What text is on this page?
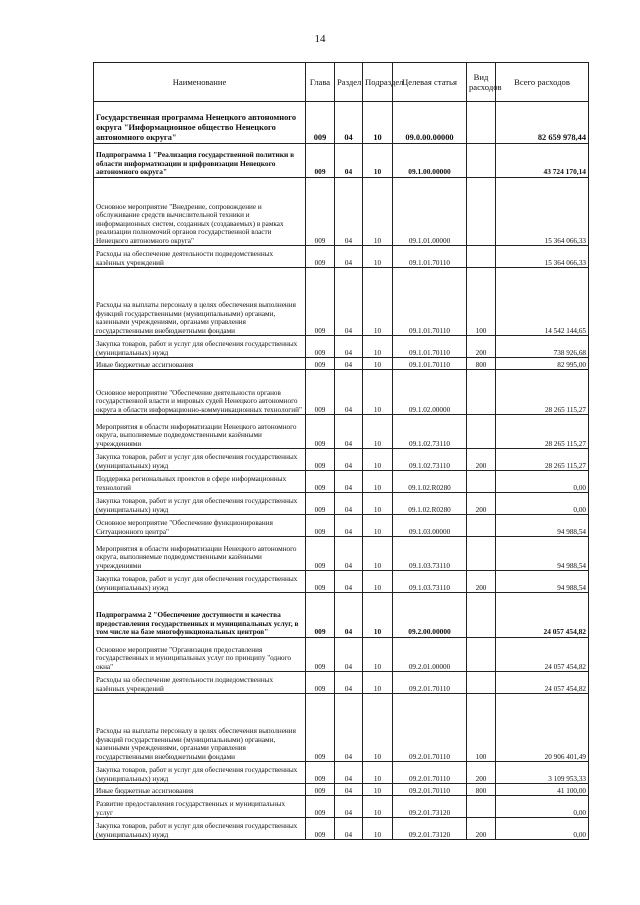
14
Наименование	Глава	Раздел	Подраздел	Целевая статья	Вид расходов	Всего расходов
Государственная программа Ненецкого автономного округа "Информационное общество Ненецкого автономного округа"	009	04	10	09.0.00.00000		82 659 978,44
Подпрограмма 1 "Реализация государственной политики в области информатизации и цифровизации Ненецкого автономного округа"	009	04	10	09.1.00.00000		43 724 170,14
Основное мероприятие "Внедрение, сопровождение и обслуживание средств вычислительной техники и информационных систем, созданных (создаваемых) в рамках реализации полномочий органов государственной власти Ненецкого автономного округа"	009	04	10	09.1.01.00000		15 364 066,33
Расходы на обеспечение деятельности подведомственных казённых учреждений	009	04	10	09.1.01.70110		15 364 066,33
Расходы на выплаты персоналу в целях обеспечения выполнения функций государственными (муниципальными) органами, казенными учреждениями, органами управления государственными внебюджетными фондами	009	04	10	09.1.01.70110	100	14 542 144,65
Закупка товаров, работ и услуг для обеспечения государственных (муниципальных) нужд	009	04	10	09.1.01.70110	200	738 926,68
Иные бюджетные ассигнования	009	04	10	09.1.01.70110	800	82 995,00
Основное мероприятие "Обеспечение деятельности органов государственной власти и мировых судей Ненецкого автономного округа в области информационно-коммуникационных технологий"	009	04	10	09.1.02.00000		28 265 115,27
Мероприятия в области информатизации Ненецкого автономного округа, выполняемые подведомственными казёнными учреждениями	009	04	10	09.1.02.73110		28 265 115,27
Закупка товаров, работ и услуг для обеспечения государственных (муниципальных) нужд	009	04	10	09.1.02.73110	200	28 265 115,27
Поддержка региональных проектов в сфере информационных технологий	009	04	10	09.1.02.R0280		0,00
Закупка товаров, работ и услуг для обеспечения государственных (муниципальных) нужд	009	04	10	09.1.02.R0280	200	0,00
Основное мероприятие "Обеспечение функционирования Ситуационного центра"	009	04	10	09.1.03.00000		94 988,54
Мероприятия в области информатизации Ненецкого автономного округа, выполняемые подведомственными казёнными учреждениями	009	04	10	09.1.03.73110		94 988,54
Закупка товаров, работ и услуг для обеспечения государственных (муниципальных) нужд	009	04	10	09.1.03.73110	200	94 988,54
Подпрограмма 2 "Обеспечение доступности и качества предоставления государственных и муниципальных услуг, в том числе на базе многофункциональных центров"	009	04	10	09.2.00.00000		24 057 454,82
Основное мероприятие "Организация предоставления государственных и муниципальных услуг по принципу "одного окна"	009	04	10	09.2.01.00000		24 057 454,82
Расходы на обеспечение деятельности подведомственных казённых учреждений	009	04	10	09.2.01.70110		24 057 454,82
Расходы на выплаты персоналу в целях обеспечения выполнения функций государственными (муниципальными) органами, казенными учреждениями, органами управления государственными внебюджетными фондами	009	04	10	09.2.01.70110	100	20 906 401,49
Закупка товаров, работ и услуг для обеспечения государственных (муниципальных) нужд	009	04	10	09.2.01.70110	200	3 109 953,33
Иные бюджетные ассигнования	009	04	10	09.2.01.70110	800	41 100,00
Развитие предоставления государственных и муниципальных услуг	009	04	10	09.2.01.73120		0,00
Закупка товаров, работ и услуг для обеспечения государственных (муниципальных) нужд	009	04	10	09.2.01.73120	200	0,00
